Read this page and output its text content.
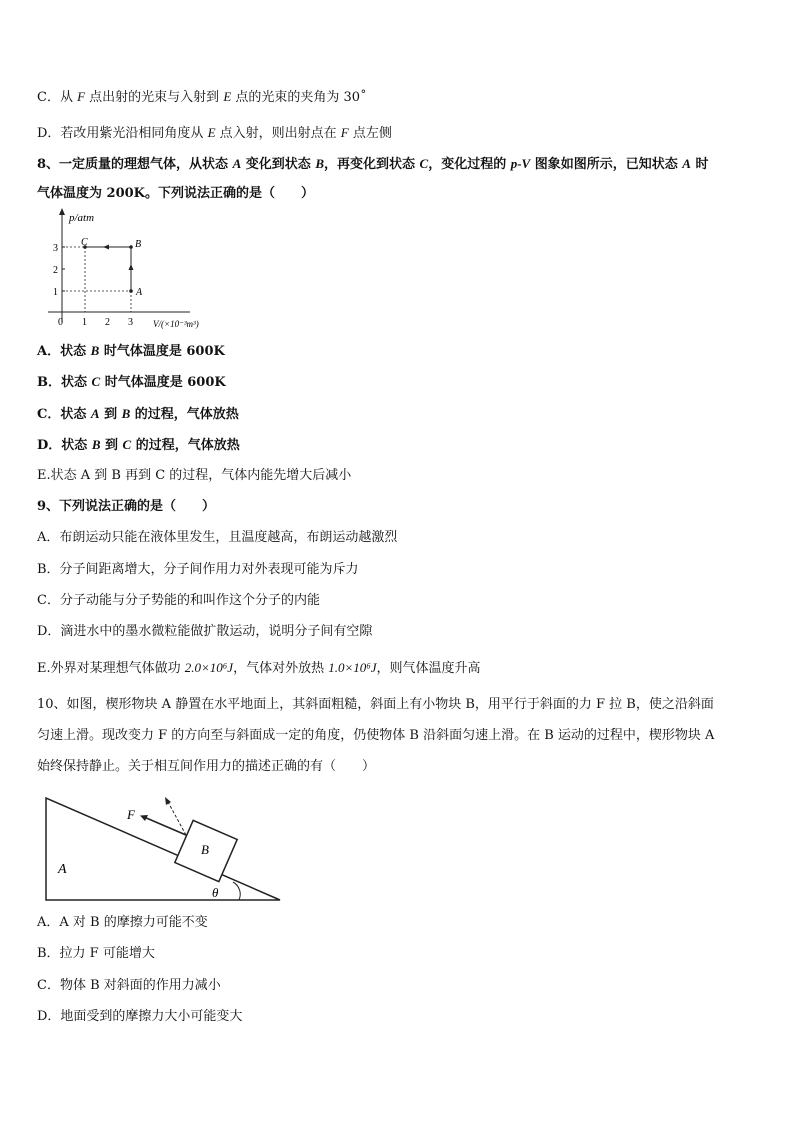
C．从 F 点出射的光束与入射到 E 点的光束的夹角为 30˚
D．若改用紫光沿相同角度从 E 点入射，则出射点在 F 点左侧
8、一定质量的理想气体，从状态 A 变化到状态 B，再变化到状态 C，变化过程的 p-V 图象如图所示，已知状态 A 时
气体温度为 200K。下列说法正确的是（　　）
p/atm
V/(×10⁻³m³)
3
2
1
0 1 2 3
A
B
C
A．状态 B 时气体温度是 600K
B．状态 C 时气体温度是 600K
C．状态 A 到 B 的过程，气体放热
D．状态 B 到 C 的过程，气体放热
E.状态 A 到 B 再到 C 的过程，气体内能先增大后减小
9、下列说法正确的是（　　）
A．布朗运动只能在液体里发生，且温度越高，布朗运动越激烈
B．分子间距离增大，分子间作用力对外表现可能为斥力
C．分子动能与分子势能的和叫作这个分子的内能
D．滴进水中的墨水微粒能做扩散运动，说明分子间有空隙
E.外界对某理想气体做功 2.0×10⁶J，气体对外放热 1.0×10⁶J，则气体温度升高
10、如图，楔形物块 A 静置在水平地面上，其斜面粗糙，斜面上有小物块 B，用平行于斜面的力 F 拉 B，使之沿斜面
匀速上滑。现改变力 F 的方向至与斜面成一定的角度，仍使物体 B 沿斜面匀速上滑。在 B 运动的过程中，楔形物块 A
始终保持静止。关于相互间作用力的描述正确的有（　　）
A
B
F
θ
A．A 对 B 的摩擦力可能不变
B．拉力 F 可能增大
C．物体 B 对斜面的作用力减小
D．地面受到的摩擦力大小可能变大
